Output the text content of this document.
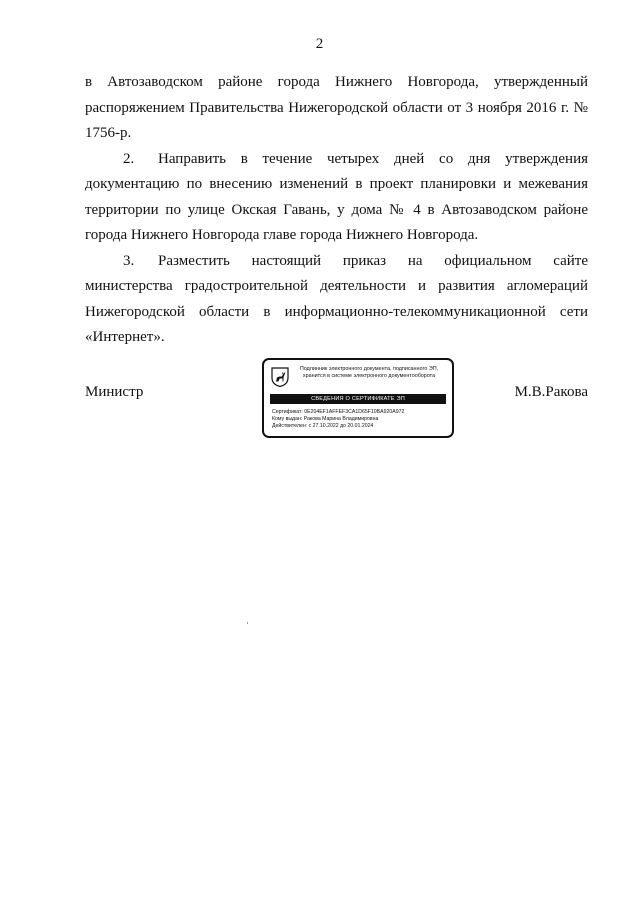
2

в Автозаводском районе города Нижнего Новгорода, утвержденный распоряжением Правительства Нижегородской области от 3 ноября 2016 г. № 1756-р.

2. Направить в течение четырех дней со дня утверждения документацию по внесению изменений в проект планировки и межевания территории по улице Окская Гавань, у дома № 4 в Автозаводском районе города Нижнего Новгорода главе города Нижнего Новгорода.

3. Разместить настоящий приказ на официальном сайте министерства градостроительной деятельности и развития агломераций Нижегородской области в информационно-телекоммуникационной сети «Интернет».

Министр	М.В.Ракова
Подлинник электронного документа, подписанного ЭП,
хранится в системе электронного документооборота
СВЕДЕНИЯ О СЕРТИФИКАТЕ ЭП
Сертификат: 0E204EF1AFFEF3CA1D65F10BA920A972
Кому выдан: Ракова Марина Владимировна
Действителен: с 27.10.2022 до 20.01.2024
